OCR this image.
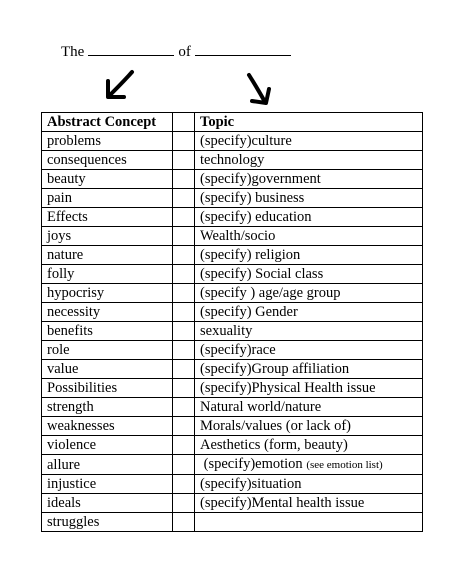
The	of
Abstract Concept		Topic
problems		(specify)culture
consequences		technology
beauty		(specify)government
pain		(specify) business
Effects		(specify) education
joys		Wealth/socio
nature		(specify) religion
folly		(specify) Social class
hypocrisy		(specify ) age/age group
necessity		(specify) Gender
benefits		sexuality
role		(specify)race
value		(specify)Group affiliation
Possibilities		(specify)Physical Health issue
strength		Natural world/nature
weaknesses		Morals/values (or lack of)
violence		Aesthetics (form, beauty)
allure		(specify)emotion (see emotion list)
injustice		(specify)situation
ideals		(specify)Mental health issue
struggles		
